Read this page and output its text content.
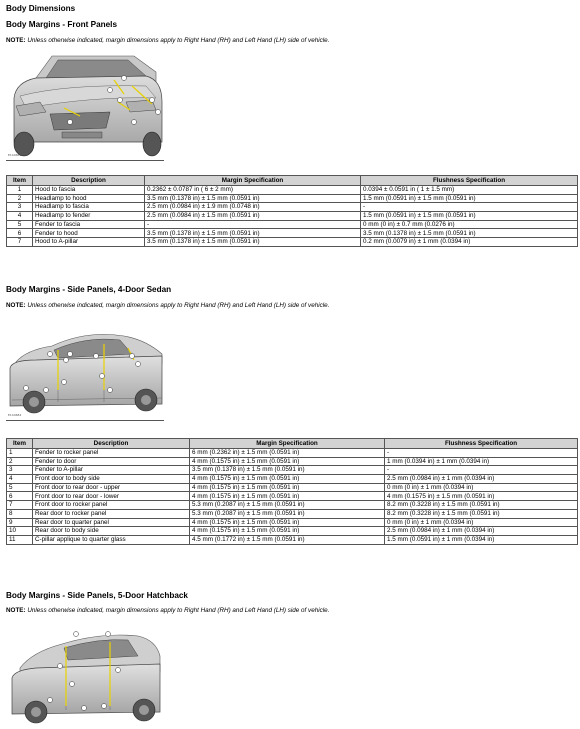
Body Dimensions
Body Margins - Front Panels
NOTE: Unless otherwise indicated, margin dimensions apply to Right Hand (RH) and Left Hand (LH) side of vehicle.
E144681
Item	Description	Margin Specification	Flushness Specification
1	Hood to fascia	0.2362 ± 0.0787 in ( 6 ± 2 mm)	0.0394 ± 0.0591 in ( 1 ± 1.5 mm)
2	Headlamp to hood	3.5 mm (0.1378 in) ± 1.5 mm (0.0591 in)	1.5 mm (0.0591 in) ± 1.5 mm (0.0591 in)
3	Headlamp to fascia	2.5 mm (0.0984 in) ± 1.9 mm (0.0748 in)	-
4	Headlamp to fender	2.5 mm (0.0984 in) ± 1.5 mm (0.0591 in)	1.5 mm (0.0591 in) ± 1.5 mm (0.0591 in)
5	Fender to fascia	-	0 mm (0 in) ± 0.7 mm (0.0276 in)
6	Fender to hood	3.5 mm (0.1378 in) ± 1.5 mm (0.0591 in)	3.5 mm (0.1378 in) ± 1.5 mm (0.0591 in)
7	Hood to A-pillar	3.5 mm (0.1378 in) ± 1.5 mm (0.0591 in)	0.2 mm (0.0079 in) ± 1 mm (0.0394 in)
Body Margins - Side Panels, 4-Door Sedan
NOTE: Unless otherwise indicated, margin dimensions apply to Right Hand (RH) and Left Hand (LH) side of vehicle.
E144682
Item	Description	Margin Specification	Flushness Specification
1	Fender to rocker panel	6 mm (0.2362 in) ± 1.5 mm (0.0591 in)	-
2	Fender to door	4 mm (0.1575 in) ± 1.5 mm (0.0591 in)	1 mm (0.0394 in) ± 1 mm (0.0394 in)
3	Fender to A-pillar	3.5 mm (0.1378 in) ± 1.5 mm (0.0591 in)	-
4	Front door to body side	4 mm (0.1575 in) ± 1.5 mm (0.0591 in)	2.5 mm (0.0984 in) ± 1 mm (0.0394 in)
5	Front door to rear door - upper	4 mm (0.1575 in) ± 1.5 mm (0.0591 in)	0 mm (0 in) ± 1 mm (0.0394 in)
6	Front door to rear door - lower	4 mm (0.1575 in) ± 1.5 mm (0.0591 in)	4 mm (0.1575 in) ± 1.5 mm (0.0591 in)
7	Front door to rocker panel	5.3 mm (0.2087 in) ± 1.5 mm (0.0591 in)	8.2 mm (0.3228 in) ± 1.5 mm (0.0591 in)
8	Rear door to rocker panel	5.3 mm (0.2087 in) ± 1.5 mm (0.0591 in)	8.2 mm (0.3228 in) ± 1.5 mm (0.0591 in)
9	Rear door to quarter panel	4 mm (0.1575 in) ± 1.5 mm (0.0591 in)	0 mm (0 in) ± 1 mm (0.0394 in)
10	Rear door to body side	4 mm (0.1575 in) ± 1.5 mm (0.0591 in)	2.5 mm (0.0984 in) ± 1 mm (0.0394 in)
11	C-pillar applique to quarter glass	4.5 mm (0.1772 in) ± 1.5 mm (0.0591 in)	1.5 mm (0.0591 in) ± 1 mm (0.0394 in)
Body Margins - Side Panels, 5-Door Hatchback
NOTE: Unless otherwise indicated, margin dimensions apply to Right Hand (RH) and Left Hand (LH) side of vehicle.
